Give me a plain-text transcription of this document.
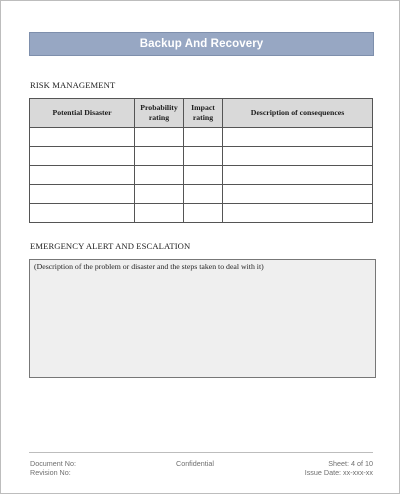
Backup And Recovery
RISK MANAGEMENT
Potential Disaster	Probability rating	Impact rating	Description of consequences

EMERGENCY ALERT AND ESCALATION
(Description of the problem or disaster and the steps taken to deal with it)
Document No:	Confidential	Sheet: 4 of 10
Revision No:	Issue Date: xx-xxx-xx
